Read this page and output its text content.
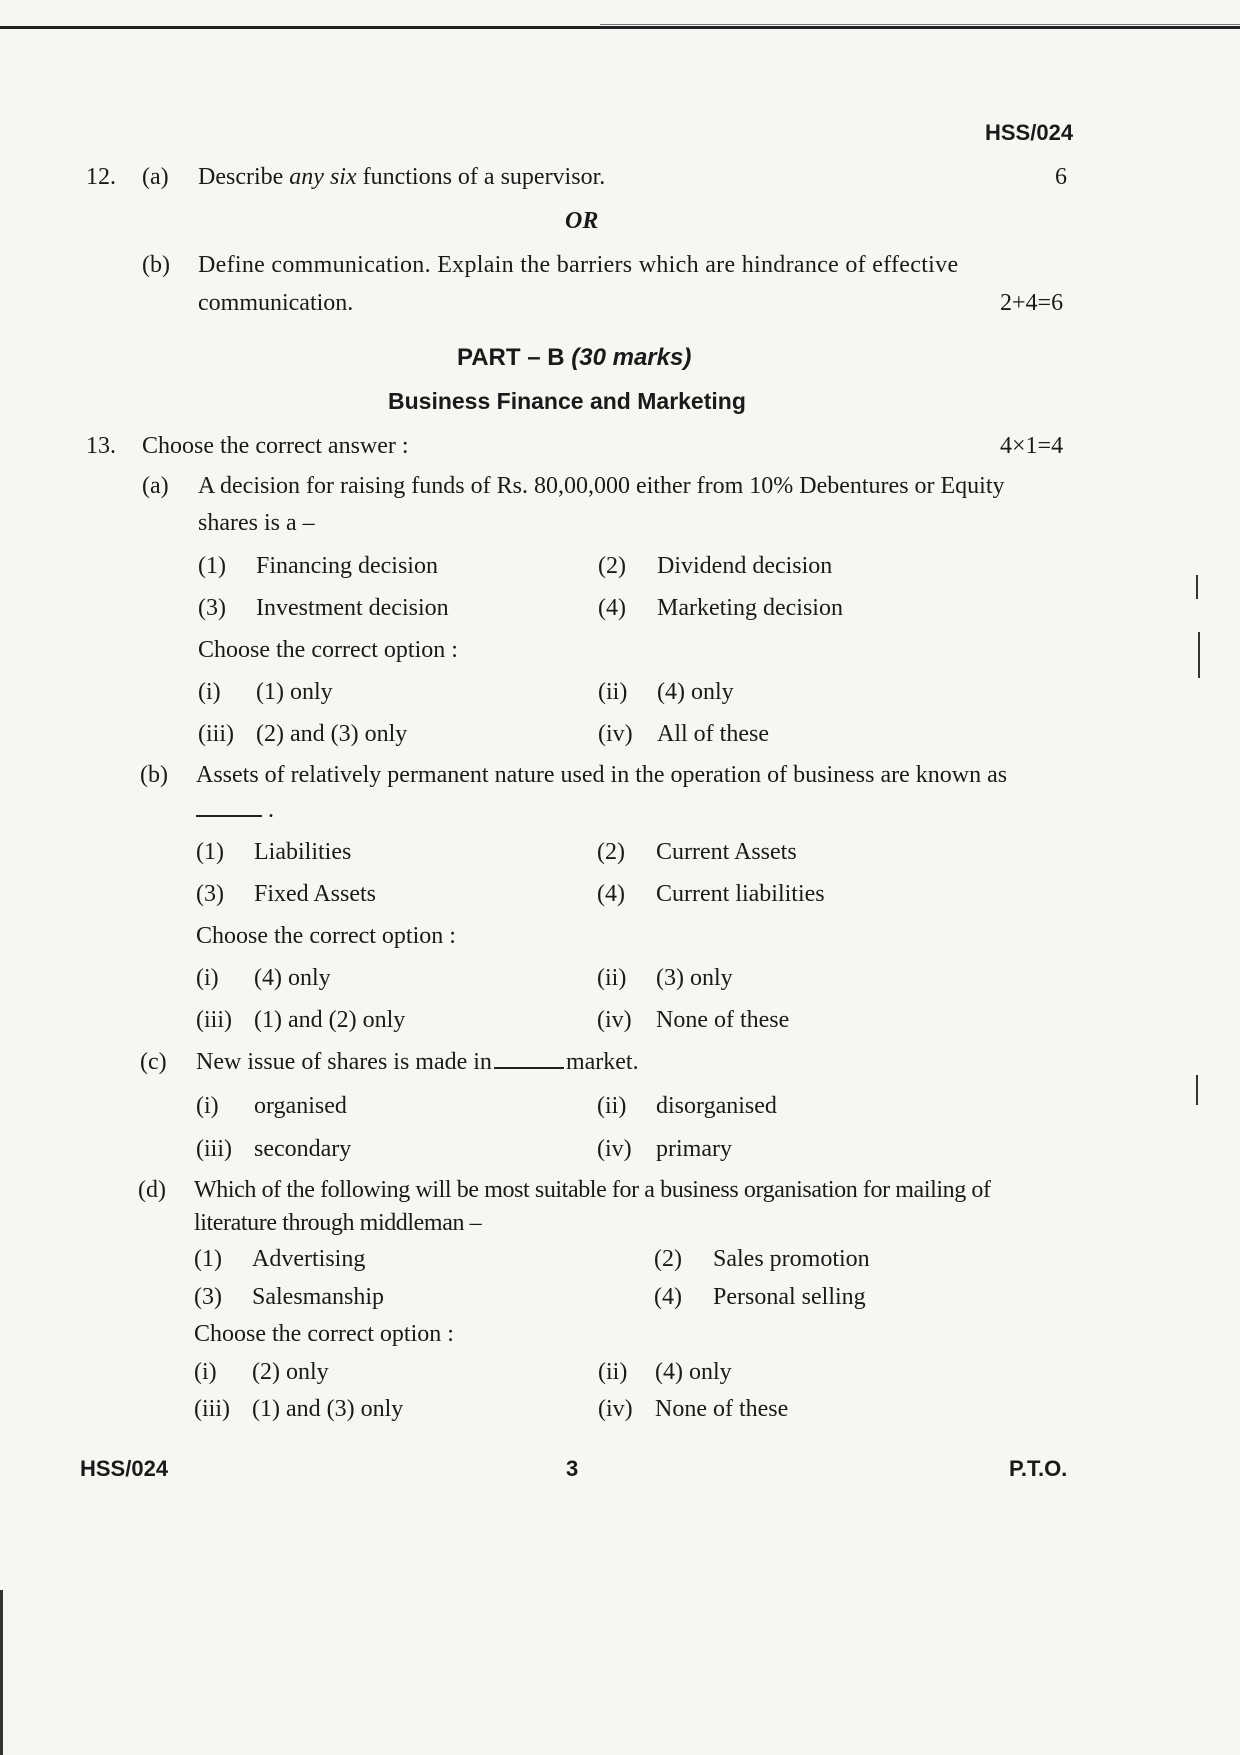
HSS/024
12. (a) Describe any six functions of a supervisor.	6
OR
(b) Define communication. Explain the barriers which are hindrance of effective
communication.	2+4=6
PART – B (30 marks)
Business Finance and Marketing
13. Choose the correct answer :	4×1=4
(a) A decision for raising funds of Rs. 80,00,000 either from 10% Debentures or Equity
shares is a –
(1) Financing decision	(2) Dividend decision
(3) Investment decision	(4) Marketing decision
Choose the correct option :
(i) (1) only	(ii) (4) only
(iii) (2) and (3) only	(iv) All of these
(b) Assets of relatively permanent nature used in the operation of business are known as
.
(1) Liabilities	(2) Current Assets
(3) Fixed Assets	(4) Current liabilities
Choose the correct option :
(i) (4) only	(ii) (3) only
(iii) (1) and (2) only	(iv) None of these
(c) New issue of shares is made in	market.
(i) organised	(ii) disorganised
(iii) secondary	(iv) primary
(d) Which of the following will be most suitable for a business organisation for mailing of
literature through middleman –
(1) Advertising	(2) Sales promotion
(3) Salesmanship	(4) Personal selling
Choose the correct option :
(i) (2) only	(ii) (4) only
(iii) (1) and (3) only	(iv) None of these
HSS/024	3	P.T.O.
